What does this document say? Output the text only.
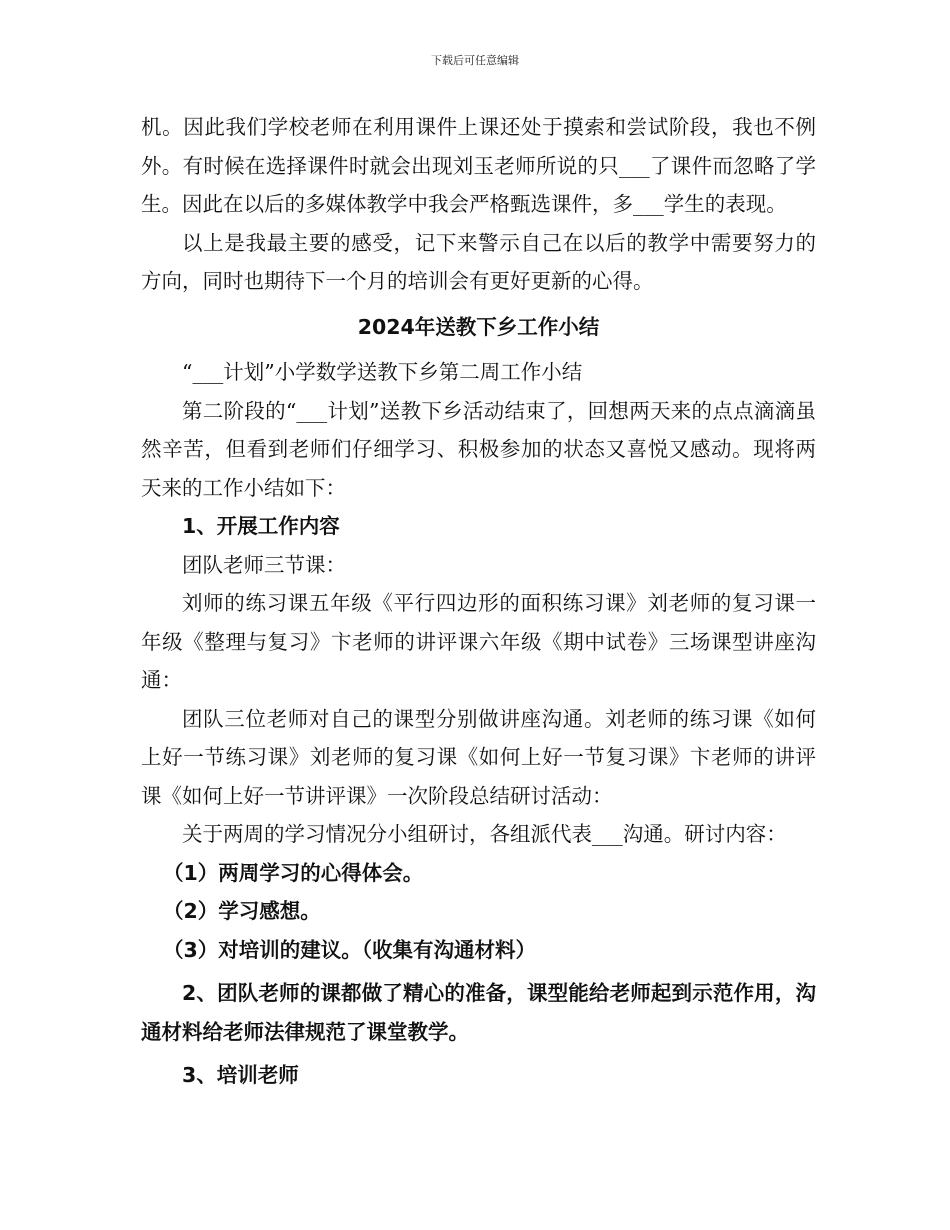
下载后可任意编辑

机。因此我们学校老师在利用课件上课还处于摸索和尝试阶段，我也不例外。有时候在选择课件时就会出现刘玉老师所说的只___了课件而忽略了学生。因此在以后的多媒体教学中我会严格甄选课件，多___学生的表现。

以上是我最主要的感受，记下来警示自己在以后的教学中需要努力的方向，同时也期待下一个月的培训会有更好更新的心得。

2024年送教下乡工作小结

“___计划”小学数学送教下乡第二周工作小结

第二阶段的“___计划”送教下乡活动结束了，回想两天来的点点滴滴虽然辛苦，但看到老师们仔细学习、积极参加的状态又喜悦又感动。现将两天来的工作小结如下：

1、开展工作内容

团队老师三节课：

刘师的练习课五年级《平行四边形的面积练习课》刘老师的复习课一年级《整理与复习》卞老师的讲评课六年级《期中试卷》三场课型讲座沟通：

团队三位老师对自己的课型分别做讲座沟通。刘老师的练习课《如何上好一节练习课》刘老师的复习课《如何上好一节复习课》卞老师的讲评课《如何上好一节讲评课》一次阶段总结研讨活动：

关于两周的学习情况分小组研讨，各组派代表___沟通。研讨内容：

（1）两周学习的心得体会。

（2）学习感想。

（3）对培训的建议。（收集有沟通材料）

2、团队老师的课都做了精心的准备，课型能给老师起到示范作用，沟通材料给老师法律规范了课堂教学。

3、培训老师
